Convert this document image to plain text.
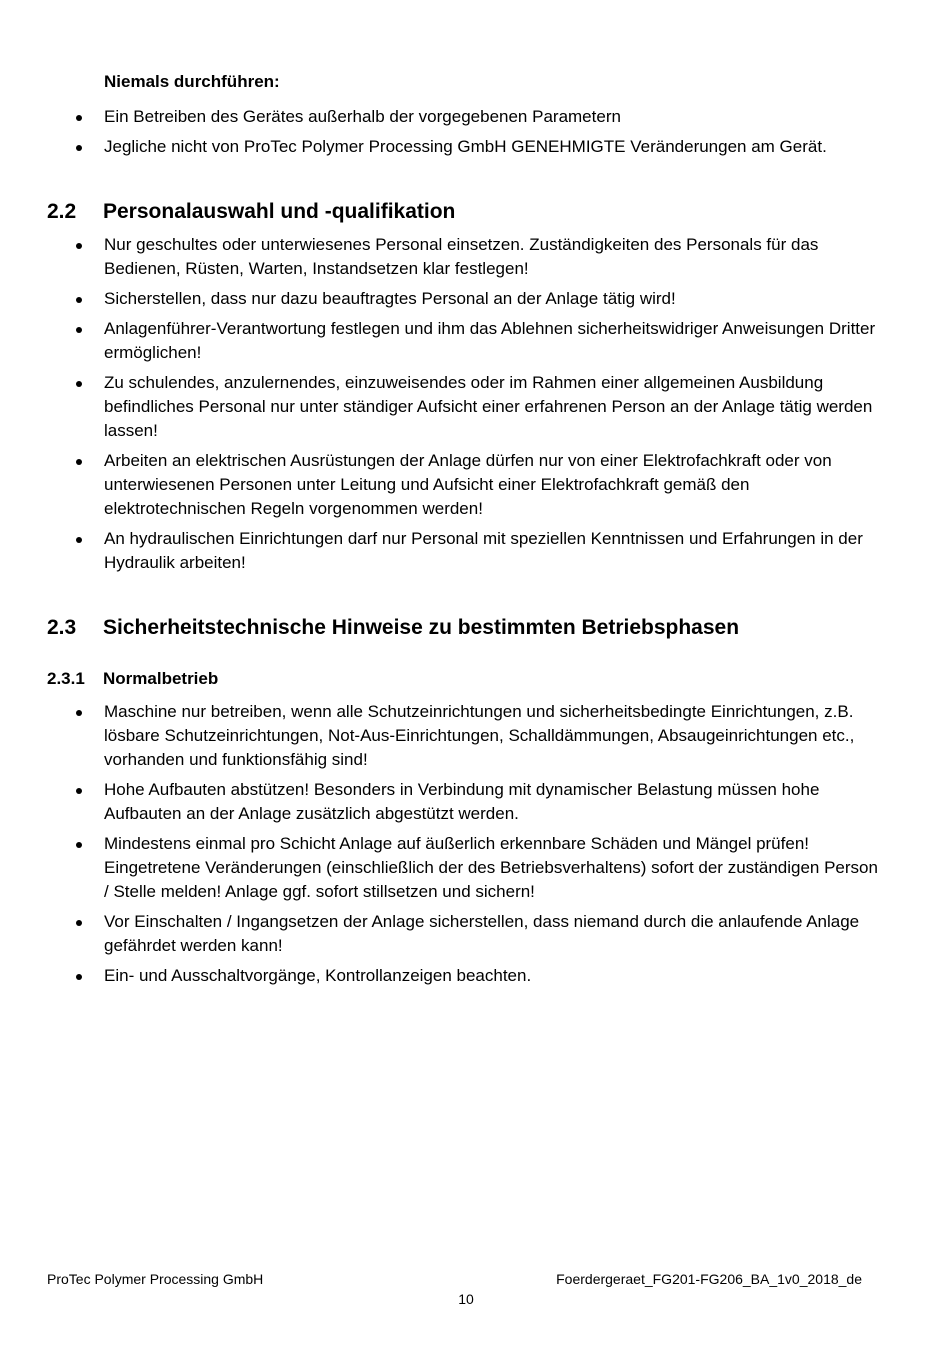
Niemals durchführen:
Ein Betreiben des Gerätes außerhalb der vorgegebenen Parametern
Jegliche nicht von ProTec Polymer Processing GmbH GENEHMIGTE Veränderungen am Gerät.
2.2 Personalauswahl und -qualifikation
Nur geschultes oder unterwiesenes Personal einsetzen. Zuständigkeiten des Personals für das Bedienen, Rüsten, Warten, Instandsetzen klar festlegen!
Sicherstellen, dass nur dazu beauftragtes Personal an der Anlage tätig wird!
Anlagenführer-Verantwortung festlegen und ihm das Ablehnen sicherheitswidriger Anweisungen Dritter ermöglichen!
Zu schulendes, anzulernendes, einzuweisendes oder im Rahmen einer allgemeinen Ausbildung befindliches Personal nur unter ständiger Aufsicht einer erfahrenen Person an der Anlage tätig werden lassen!
Arbeiten an elektrischen Ausrüstungen der Anlage dürfen nur von einer Elektrofachkraft oder von unterwiesenen Personen unter Leitung und Aufsicht einer Elektrofachkraft gemäß den elektrotechnischen Regeln vorgenommen werden!
An hydraulischen Einrichtungen darf nur Personal mit speziellen Kenntnissen und Erfahrungen in der Hydraulik arbeiten!
2.3 Sicherheitstechnische Hinweise zu bestimmten Betriebsphasen
2.3.1 Normalbetrieb
Maschine nur betreiben, wenn alle Schutzeinrichtungen und sicherheitsbedingte Einrichtungen, z.B. lösbare Schutzeinrichtungen, Not-Aus-Einrichtungen, Schalldämmungen, Absaugeinrichtungen etc., vorhanden und funktionsfähig sind!
Hohe Aufbauten abstützen! Besonders in Verbindung mit dynamischer Belastung müssen hohe Aufbauten an der Anlage zusätzlich abgestützt werden.
Mindestens einmal pro Schicht Anlage auf äußerlich erkennbare Schäden und Mängel prüfen! Eingetretene Veränderungen (einschließlich der des Betriebsverhaltens) sofort der zuständigen Person / Stelle melden! Anlage ggf. sofort stillsetzen und sichern!
Vor Einschalten / Ingangsetzen der Anlage sicherstellen, dass niemand durch die anlaufende Anlage gefährdet werden kann!
Ein- und Ausschaltvorgänge, Kontrollanzeigen beachten.
ProTec Polymer Processing GmbH	Foerdergeraet_FG201-FG206_BA_1v0_2018_de
10
